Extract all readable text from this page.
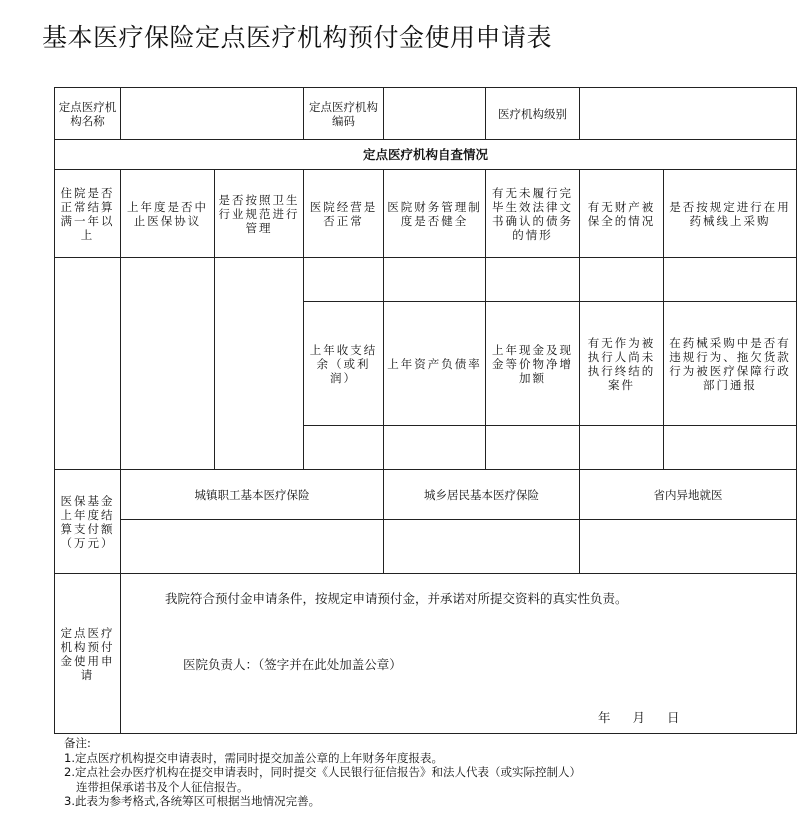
基本医疗保险定点医疗机构预付金使用申请表
定点医疗机构名称			定点医疗机构编码		医疗机构级别		
定点医疗机构自查情况							
住院是否正常结算满一年以上	上年度是否中止医保协议	是否按照卫生行业规范进行管理	医院经营是否正常	医院财务管理制度是否健全	有无未履行完毕生效法律文书确认的债务的情形	有无财产被保全的情况	是否按规定进行在用药械线上采购

			上年收支结余（或利润）	上年资产负债率	上年现金及现金等价物净增加额	有无作为被执行人尚未执行终结的案件	在药械采购中是否有违规行为、拖欠货款行为被医疗保障行政部门通报

医保基金上年度结算支付额（万元）	城镇职工基本医疗保险			城乡居民基本医疗保险		省内异地就医	

定点医疗机构预付金使用申请	我院符合预付金申请条件，按规定申请预付金，并承诺对所提交资料的真实性负责。
医院负责人：（签字并在此处加盖公章）
年 月 日						
备注:
1.定点医疗机构提交申请表时，需同时提交加盖公章的上年财务年度报表。
2.定点社会办医疗机构在提交申请表时，同时提交《人民银行征信报告》和法人代表（或实际控制人）
连带担保承诺书及个人征信报告。
3.此表为参考格式,各统筹区可根据当地情况完善。
